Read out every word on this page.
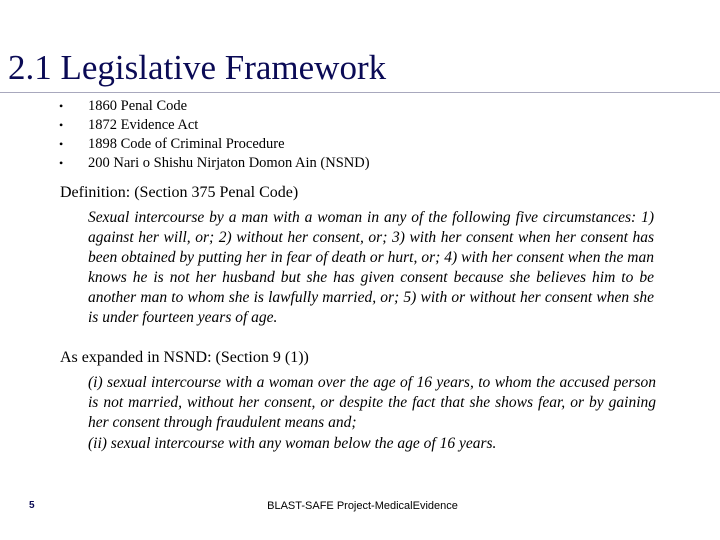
2.1 Legislative Framework
• 1860 Penal Code
• 1872 Evidence Act
• 1898 Code of Criminal Procedure
• 200 Nari o Shishu Nirjaton Domon Ain (NSND)
Definition: (Section 375 Penal Code)
Sexual intercourse by a man with a woman in any of the following five circumstances: 1) against her will, or; 2) without her consent, or; 3) with her consent when her consent has been obtained by putting her in fear of death or hurt, or; 4) with her consent when the man knows he is not her husband but she has given consent because she believes him to be another man to whom she is lawfully married, or; 5) with or without her consent when she is under fourteen years of age.
As expanded in NSND: (Section 9 (1))
(i) sexual intercourse with a woman over the age of 16 years, to whom the accused person is not married, without her consent, or despite the fact that she shows fear, or by gaining her consent through fraudulent means and;
(ii) sexual intercourse with any woman below the age of 16 years.
5	BLAST-SAFE Project-MedicalEvidence
